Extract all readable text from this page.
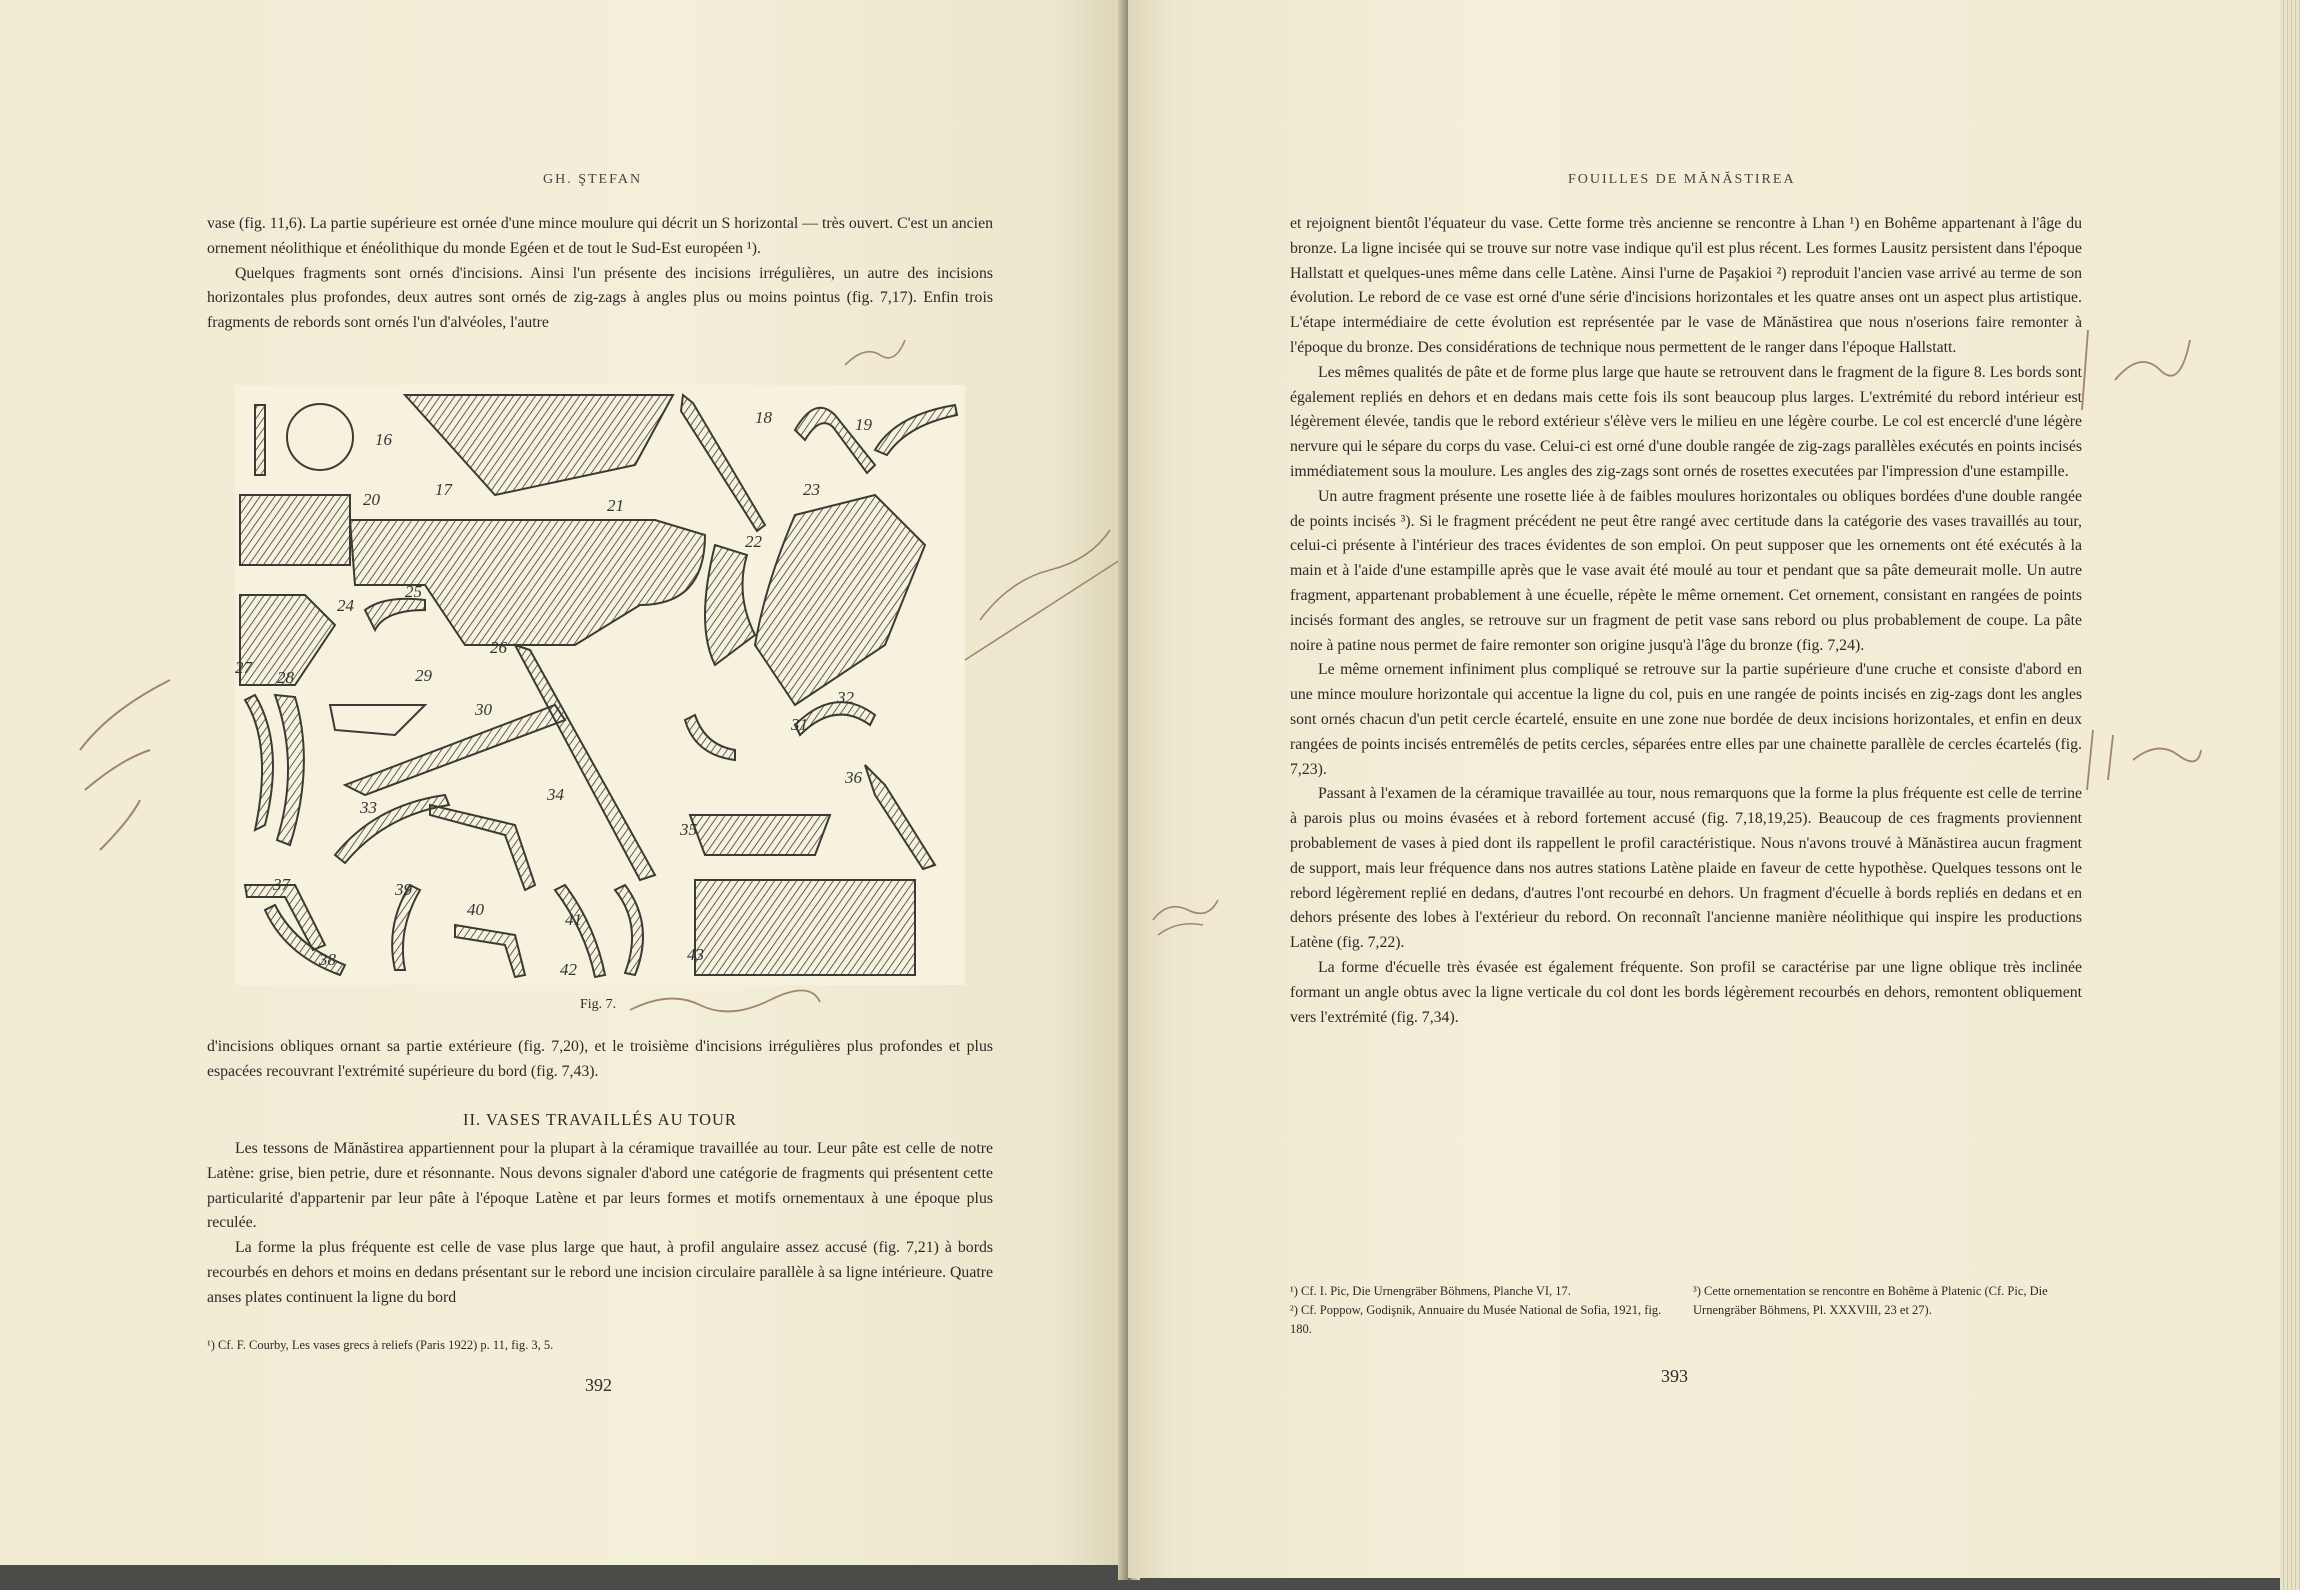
GH. ŞTEFAN

vase (fig. 11,6). La partie supérieure est ornée d'une mince moulure qui décrit un S horizontal — très ouvert. C'est un ancien ornement néolithique et énéolithique du monde Egéen et de tout le Sud-Est européen ¹).

Quelques fragments sont ornés d'incisions. Ainsi l'un présente des incisions irrégulières, un autre des incisions horizontales plus profondes, deux autres sont ornés de zig-zags à angles plus ou moins pointus (fig. 7,17). Enfin trois fragments de rebords sont ornés l'un d'alvéoles, l'autre

16
17
18	19
20	21
22
23
24
25
26
27
28	29
30
31
32
33
34
35
36
37
38
39
40
41
42
43
Fig. 7.

d'incisions obliques ornant sa partie extérieure (fig. 7,20), et le troisième d'incisions irrégulières plus profondes et plus espacées recouvrant l'extrémité supérieure du bord (fig. 7,43).

II. VASES TRAVAILLÉS AU TOUR

Les tessons de Mănăstirea appartiennent pour la plupart à la céramique travaillée au tour. Leur pâte est celle de notre Latène: grise, bien petrie, dure et résonnante. Nous devons signaler d'abord une catégorie de fragments qui présentent cette particularité d'appartenir par leur pâte à l'époque Latène et par leurs formes et motifs ornementaux à une époque plus reculée.

La forme la plus fréquente est celle de vase plus large que haut, à profil angulaire assez accusé (fig. 7,21) à bords recourbés en dehors et moins en dedans présentant sur le rebord une incision circulaire parallèle à sa ligne intérieure. Quatre anses plates continuent la ligne du bord

¹) Cf. F. Courby, Les vases grecs à reliefs (Paris 1922) p. 11, fig. 3, 5.
392
FOUILLES DE MĂNĂSTIREA

et rejoignent bientôt l'équateur du vase. Cette forme très ancienne se rencontre à Lhan ¹) en Bohême appartenant à l'âge du bronze. La ligne incisée qui se trouve sur notre vase indique qu'il est plus récent. Les formes Lausitz persistent dans l'époque Hallstatt et quelques-unes même dans celle Latène. Ainsi l'urne de Paşakioi ²) reproduit l'ancien vase arrivé au terme de son évolution. Le rebord de ce vase est orné d'une série d'incisions horizontales et les quatre anses ont un aspect plus artistique. L'étape intermédiaire de cette évolution est représentée par le vase de Mănăstirea que nous n'oserions faire remonter à l'époque du bronze. Des considérations de technique nous permettent de le ranger dans l'époque Hallstatt.

Les mêmes qualités de pâte et de forme plus large que haute se retrouvent dans le fragment de la figure 8. Les bords sont également repliés en dehors et en dedans mais cette fois ils sont beaucoup plus larges. L'extrémité du rebord intérieur est légèrement élevée, tandis que le rebord extérieur s'élève vers le milieu en une légère courbe. Le col est encerclé d'une légère nervure qui le sépare du corps du vase. Celui-ci est orné d'une double rangée de zig-zags parallèles exécutés en points incisés immédiatement sous la moulure. Les angles des zig-zags sont ornés de rosettes executées par l'impression d'une estampille.

Un autre fragment présente une rosette liée à de faibles moulures horizontales ou obliques bordées d'une double rangée de points incisés ³). Si le fragment précédent ne peut être rangé avec certitude dans la catégorie des vases travaillés au tour, celui-ci présente à l'intérieur des traces évidentes de son emploi. On peut supposer que les ornements ont été exécutés à la main et à l'aide d'une estampille après que le vase avait été moulé au tour et pendant que sa pâte demeurait molle. Un autre fragment, appartenant probablement à une écuelle, répète le même ornement. Cet ornement, consistant en rangées de points incisés formant des angles, se retrouve sur un fragment de petit vase sans rebord ou plus probablement de coupe. La pâte noire à patine nous permet de faire remonter son origine jusqu'à l'âge du bronze (fig. 7,24).

Le même ornement infiniment plus compliqué se retrouve sur la partie supérieure d'une cruche et consiste d'abord en une mince moulure horizontale qui accentue la ligne du col, puis en une rangée de points incisés en zig-zags dont les angles sont ornés chacun d'un petit cercle écartelé, ensuite en une zone nue bordée de deux incisions horizontales, et enfin en deux rangées de points incisés entremêlés de petits cercles, séparées entre elles par une chainette parallèle de cercles écartelés (fig. 7,23).

Passant à l'examen de la céramique travaillée au tour, nous remarquons que la forme la plus fréquente est celle de terrine à parois plus ou moins évasées et à rebord fortement accusé (fig. 7,18,19,25). Beaucoup de ces fragments proviennent probablement de vases à pied dont ils rappellent le profil caractéristique. Nous n'avons trouvé à Mănăstirea aucun fragment de support, mais leur fréquence dans nos autres stations Latène plaide en faveur de cette hypothèse. Quelques tessons ont le rebord légèrement replié en dedans, d'autres l'ont recourbé en dehors. Un fragment d'écuelle à bords repliés en dedans et en dehors présente des lobes à l'extérieur du rebord. On reconnaît l'ancienne manière néolithique qui inspire les productions Latène (fig. 7,22).

La forme d'écuelle très évasée est également fréquente. Son profil se caractérise par une ligne oblique très inclinée formant un angle obtus avec la ligne verticale du col dont les bords légèrement recourbés en dehors, remontent obliquement vers l'extrémité (fig. 7,34).

¹) Cf. I. Pic, Die Urnengräber Böhmens, Planche VI, 17.
²) Cf. Poppow, Godişnik, Annuaire du Musée National de Sofia, 1921, fig. 180.
³) Cette ornementation se rencontre en Bohême à Platenic (Cf. Pic, Die Urnengräber Böhmens, Pl. XXXVIII, 23 et 27).
393
